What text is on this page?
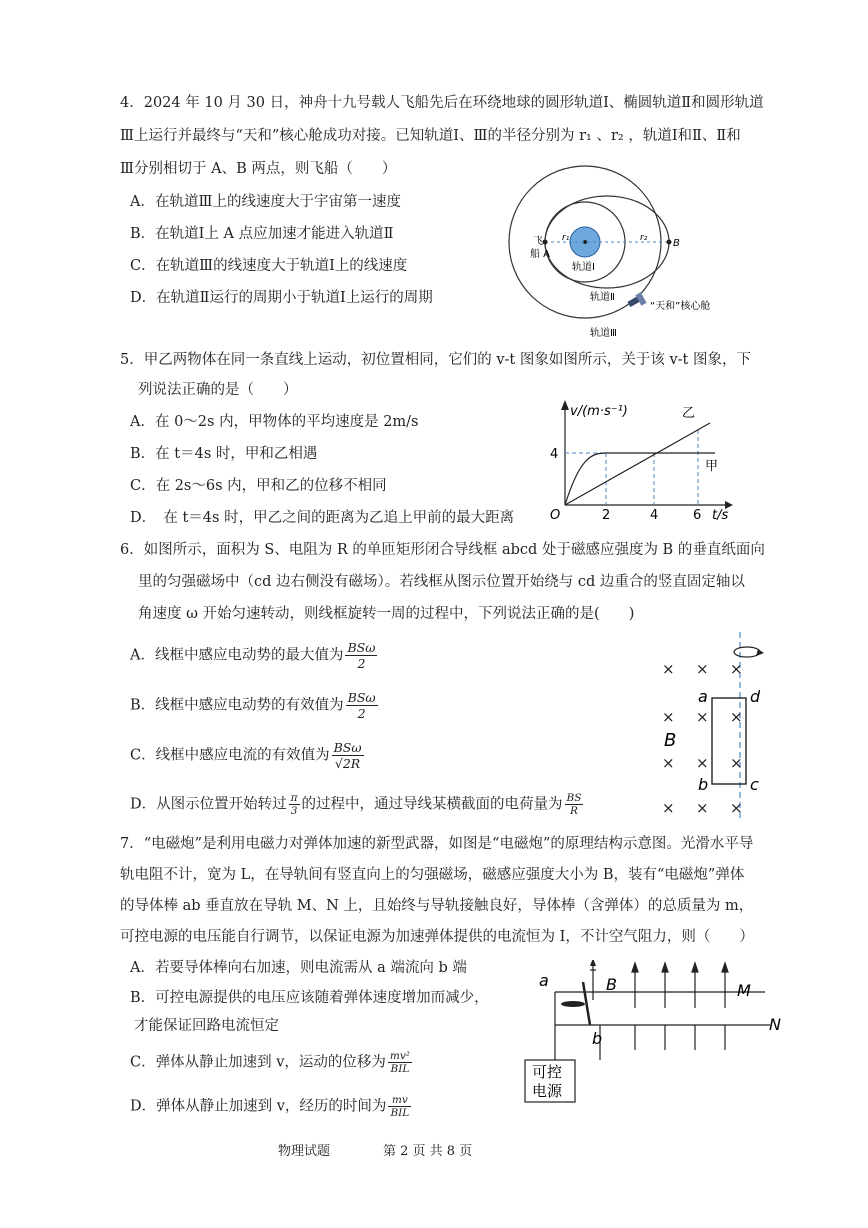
4．2024 年 10 月 30 日，神舟十九号载人飞船先后在环绕地球的圆形轨道Ⅰ、椭圆轨道Ⅱ和圆形轨道
Ⅲ上运行并最终与“天和”核心舱成功对接。已知轨道Ⅰ、Ⅲ的半径分别为 r₁ 、r₂ ，轨道Ⅰ和Ⅱ、Ⅱ和
Ⅲ分别相切于 A、B 两点，则飞船（　　）
A．在轨道Ⅲ上的线速度大于宇宙第一速度
B．在轨道Ⅰ上 A 点应加速才能进入轨道Ⅱ
C．在轨道Ⅲ的线速度大于轨道Ⅰ上的线速度
D．在轨道Ⅱ运行的周期小于轨道Ⅰ上运行的周期
飞
船 A
r₁	r₂	B
轨道Ⅰ
轨道Ⅱ
轨道Ⅲ
“天和”核心舱
5．甲乙两物体在同一条直线上运动，初位置相同，它们的 v-t 图象如图所示，关于该 v-t 图象，下
列说法正确的是（　　）
A．在 0～2s 内，甲物体的平均速度是 2m/s
B．在 t＝4s 时，甲和乙相遇
C．在 2s～6s 内，甲和乙的位移不相同
D．　在 t＝4s 时，甲乙之间的距离为乙追上甲前的最大距离
v/(m·s⁻¹)
t/s
O
4
2	4	6
甲
乙
6．如图所示，面积为 S、电阻为 R 的单匝矩形闭合导线框 abcd 处于磁感应强度为 B 的垂直纸面向
里的匀强磁场中（cd 边右侧没有磁场）。若线框从图示位置开始绕与 cd 边重合的竖直固定轴以
角速度 ω 开始匀速转动，则线框旋转一周的过程中，下列说法正确的是(　　)
A．线框中感应电动势的最大值为 $\frac{\text{BSω}}{2}$
B．线框中感应电动势的有效值为 $\frac{\text{BSω}}{2}$
C．线框中感应电流的有效值为 $\frac{\text{BSω}}{√2R}$
D．从图示位置开始转过 $\frac{\pi}{3}$ 的过程中，通过导线某横截面的电荷量为 $\frac{BS}{R}$
× × ×
× × ×
× × ×
× × ×
a	d
b	c
B
7．“电磁炮”是利用电磁力对弹体加速的新型武器，如图是“电磁炮”的原理结构示意图。光滑水平导
轨电阻不计，宽为 L，在导轨间有竖直向上的匀强磁场，磁感应强度大小为 B，装有“电磁炮”弹体
的导体棒 ab 垂直放在导轨 M、N 上，且始终与导轨接触良好，导体棒（含弹体）的总质量为 m，
可控电源的电压能自行调节，以保证电源为加速弹体提供的电流恒为 I，不计空气阻力，则（　　）
A．若要导体棒向右加速，则电流需从 a 端流向 b 端
B．可控电源提供的电压应该随着弹体速度增加而减少，
才能保证回路电流恒定
C．弹体从静止加速到 v，运动的位移为 $\frac{\text{mv²}}{\text{BIL}}$
D．弹体从静止加速到 v，经历的时间为 $\frac{mv}{\text{BIL}}$
可控
电源
a
b
B	M
N
物理试题	第 2 页 共 8 页
